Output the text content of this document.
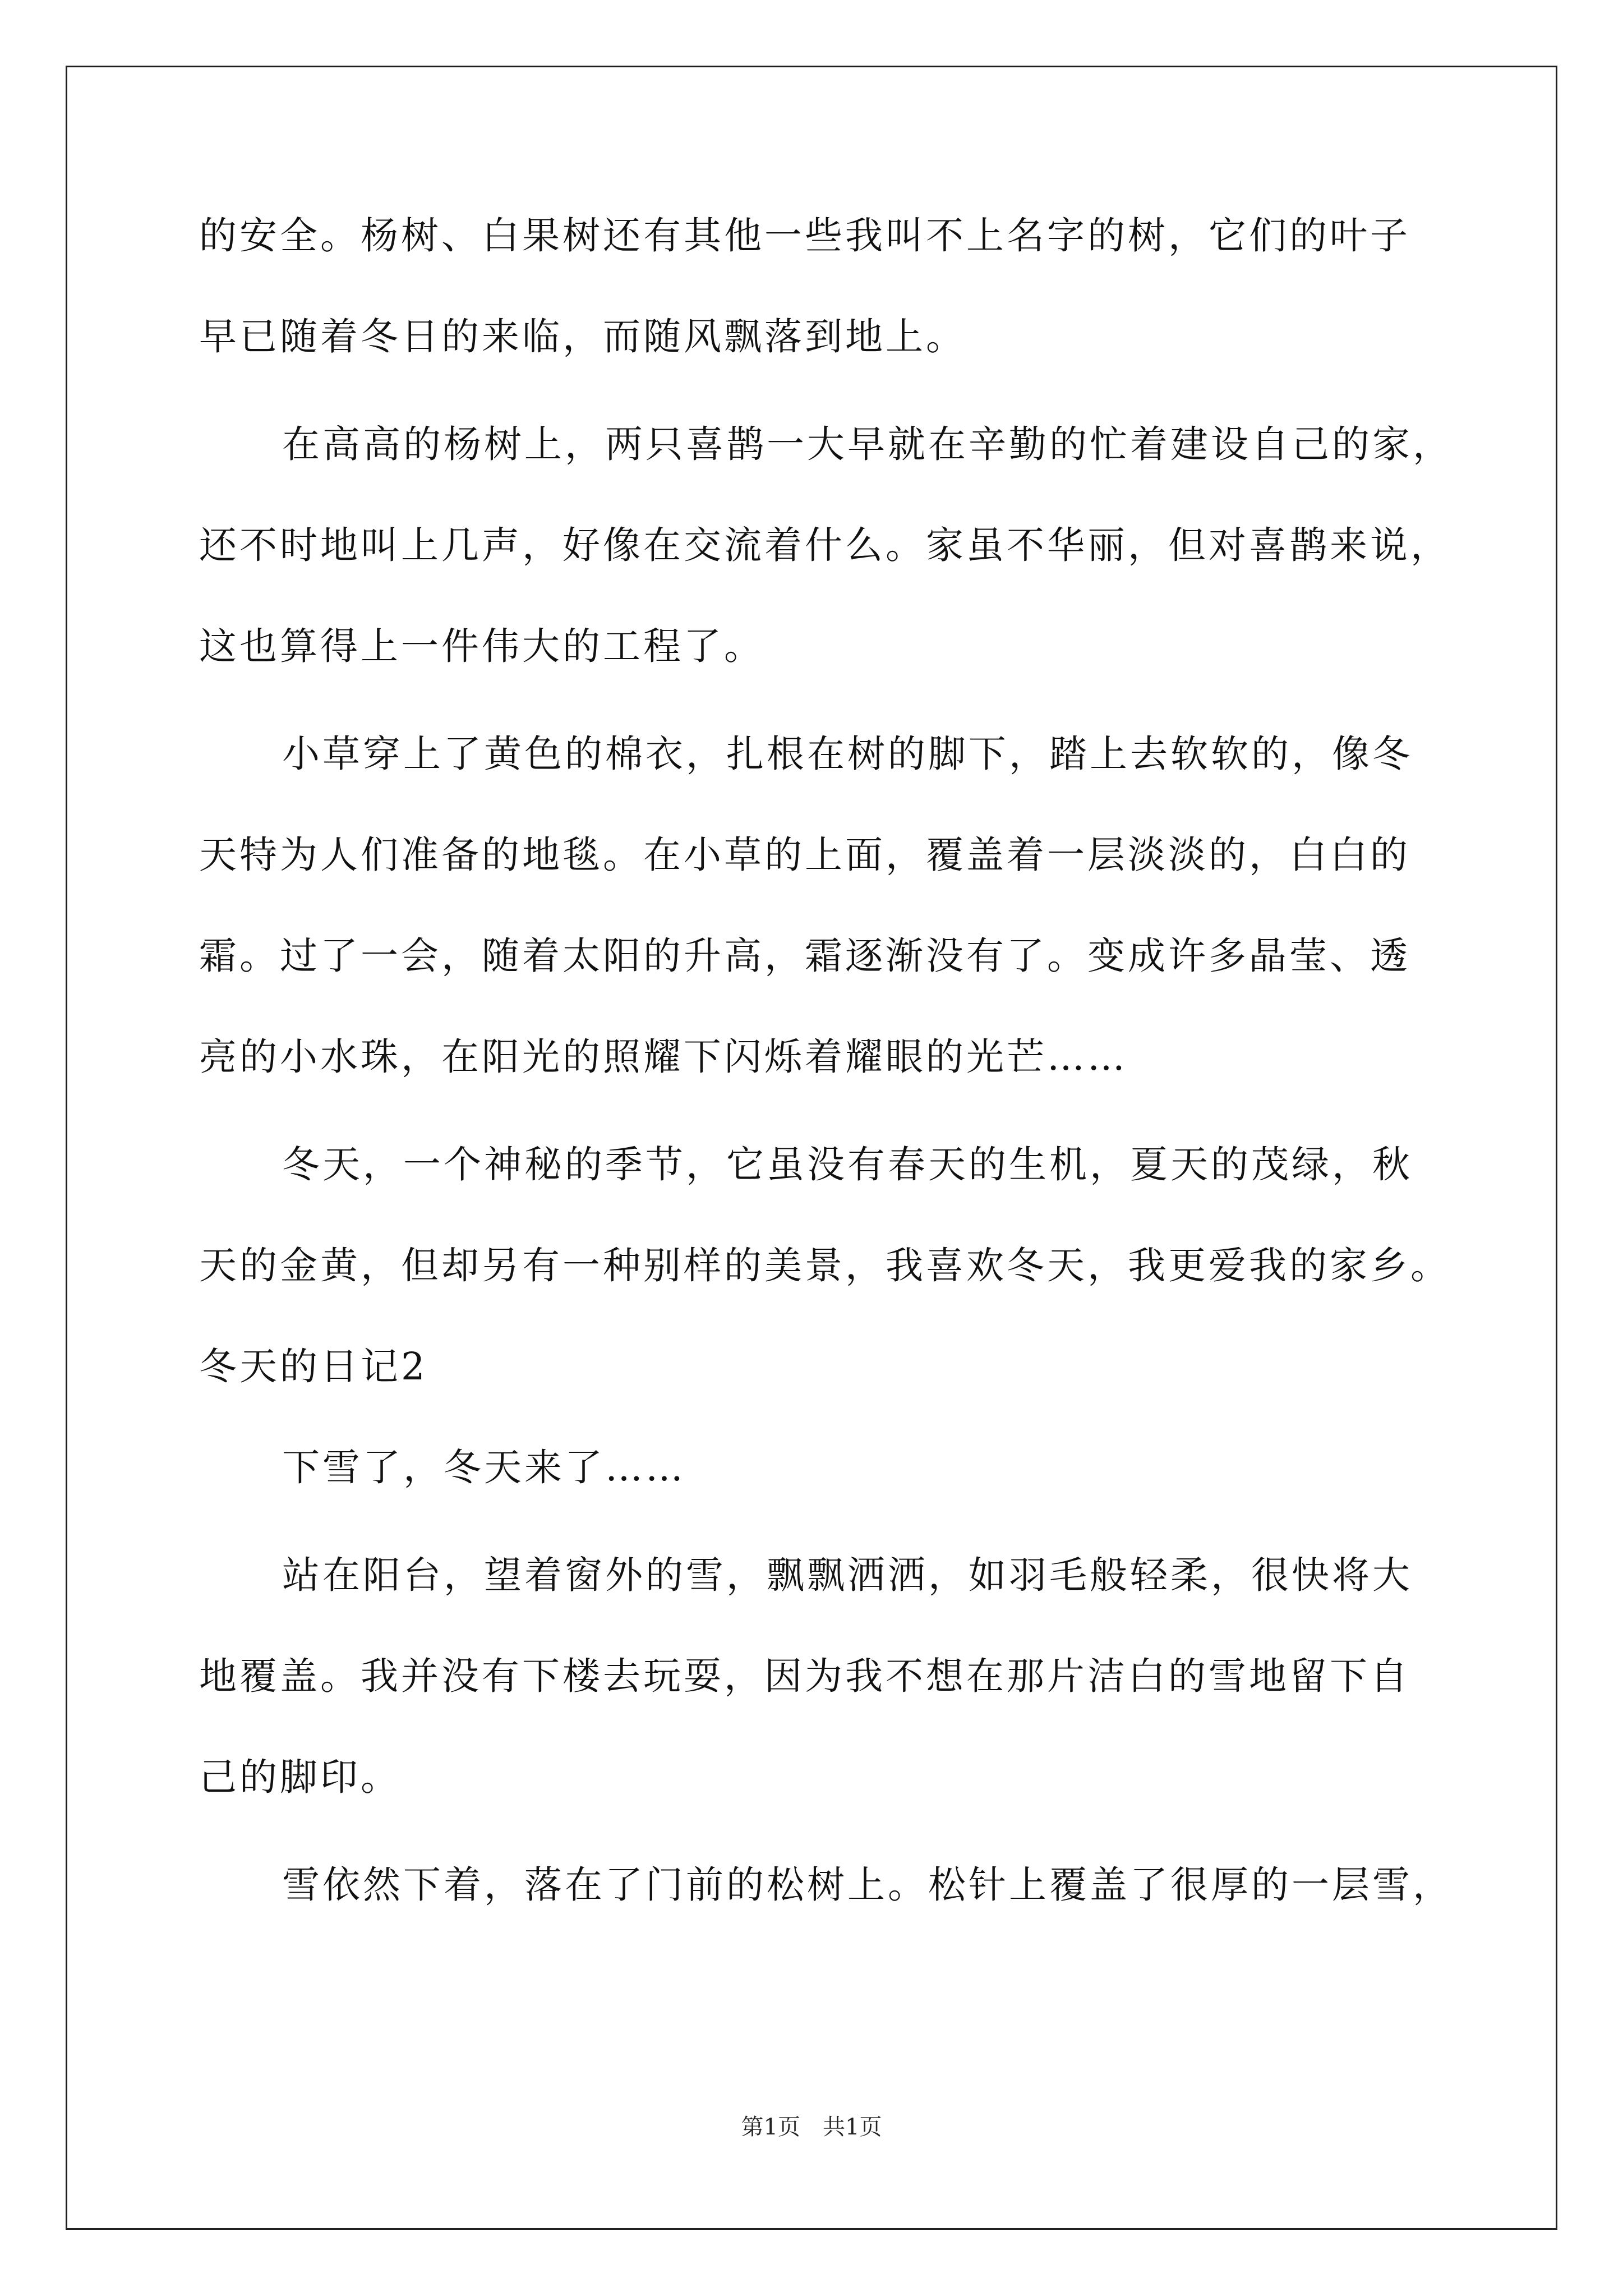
的安全。杨树、白果树还有其他一些我叫不上名字的树，它们的叶子
早已随着冬日的来临，而随风飘落到地上。
在高高的杨树上，两只喜鹊一大早就在辛勤的忙着建设自己的家，
还不时地叫上几声，好像在交流着什么。家虽不华丽，但对喜鹊来说，
这也算得上一件伟大的工程了。
小草穿上了黄色的棉衣，扎根在树的脚下，踏上去软软的，像冬
天特为人们准备的地毯。在小草的上面，覆盖着一层淡淡的，白白的
霜。过了一会，随着太阳的升高，霜逐渐没有了。变成许多晶莹、透
亮的小水珠，在阳光的照耀下闪烁着耀眼的光芒……
冬天，一个神秘的季节，它虽没有春天的生机，夏天的茂绿，秋
天的金黄，但却另有一种别样的美景，我喜欢冬天，我更爱我的家乡。
冬天的日记2
下雪了，冬天来了……
站在阳台，望着窗外的雪，飘飘洒洒，如羽毛般轻柔，很快将大
地覆盖。我并没有下楼去玩耍，因为我不想在那片洁白的雪地留下自
己的脚印。
雪依然下着，落在了门前的松树上。松针上覆盖了很厚的一层雪，
第1页　共1页
